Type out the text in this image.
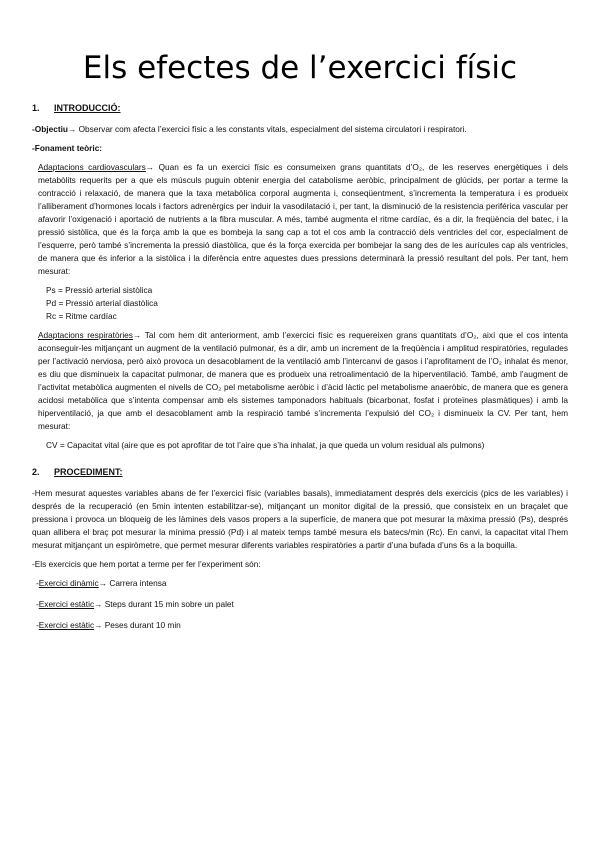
Els efectes de l’exercici físic
1. INTRODUCCIÓ:

-Objectiu→ Observar com afecta l’exercici físic a les constants vitals, especialment del sistema circulatori i respiratori.

-Fonament teòric:

Adaptacions cardiovasculars→ Quan es fa un exercici físic es consumeixen grans quantitats d’O₂, de les reserves energètiques i dels metabòlits requerits per a que els músculs puguin obtenir energia del catabolisme aeròbic, principalment de glúcids, per portar a terme la contracció i relaxació, de manera que la taxa metabòlica corporal augmenta i, conseqüentment, s’incrementa la temperatura i es produeix l’alliberament d’hormones locals i factors adrenèrgics per induir la vasodilatació i, per tant, la disminució de la resistencia periférica vascular per afavorir l’oxigenació i aportació de nutrients a la fibra muscular. A més, també augmenta el ritme cardíac, és a dir, la freqüència del batec, i la pressió sistòlica, que és la força amb la que es bombeja la sang cap a tot el cos amb la contracció dels ventricles del cor, especialment de l’esquerre, però també s’incrementa la pressió diastòlica, que és la força exercida per bombejar la sang des de les aurícules cap als ventricles, de manera que és inferior a la sistòlica i la diferència entre aquestes dues pressions determinarà la pressió resultant del pols. Per tant, hem mesurat:

Ps = Pressió arterial sistòlica

Pd = Pressió arterial diastòlica

Rc = Ritme cardíac

Adaptacions respiratòries→ Tal com hem dit anteriorment, amb l’exercici físic es requereixen grans quantitats d’O₂, així que el cos intenta aconseguir-les mitjançant un augment de la ventilació pulmonar, és a dir, amb un increment de la freqüència i amplitud respiratòries, regulades per l’activació nerviosa, però això provoca un desacoblament de la ventilació amb l’intercanvi de gasos i l’aprofitament de l’O₂ inhalat és menor, es diu que disminueix la capacitat pulmonar, de manera que es produeix una retroalimentació de la hiperventilació. També, amb l’augment de l’activitat metabòlica augmenten el nivells de CO₂ pel metabolisme aeròbic i d’àcid làctic pel metabolisme anaeròbic, de manera que es genera acidosi metabòlica que s’intenta compensar amb els sistemes tamponadors habituals (bicarbonat, fosfat i proteïnes plasmàtiques) i amb la hiperventilació, ja que amb el desacoblament amb la respiració també s’incrementa l’expulsió del CO₂ i disminueix la CV. Per tant, hem mesurat:

CV = Capacitat vital (aire que es pot aprofitar de tot l’aire que s’ha inhalat, ja que queda un volum residual als pulmons)

2. PROCEDIMENT:

-Hem mesurat aquestes variables abans de fer l’exercici físic (variables basals), immediatament després dels exercicis (pics de les variables) i després de la recuperació (en 5min intenten estabilitzar-se), mitjançant un monitor digital de la pressió, que consisteix en un braçalet que pressiona i provoca un bloqueig de les làmines dels vasos propers a la superfície, de manera que pot mesurar la màxima pressió (Ps), després quan allibera el braç pot mesurar la mínima pressió (Pd) i al mateix temps també mesura els batecs/min (Rc). En canvi, la capacitat vital l’hem mesurat mitjançant un espiròmetre, que permet mesurar diferents variables respiratòries a partir d’una bufada d’uns 6s a la boquilla.

-Els exercicis que hem portat a terme per fer l’experiment són:

-Exercici dinàmic→ Carrera intensa

-Exercici estàtic→ Steps durant 15 min sobre un palet

-Exercici estàtic→ Peses durant 10 min
